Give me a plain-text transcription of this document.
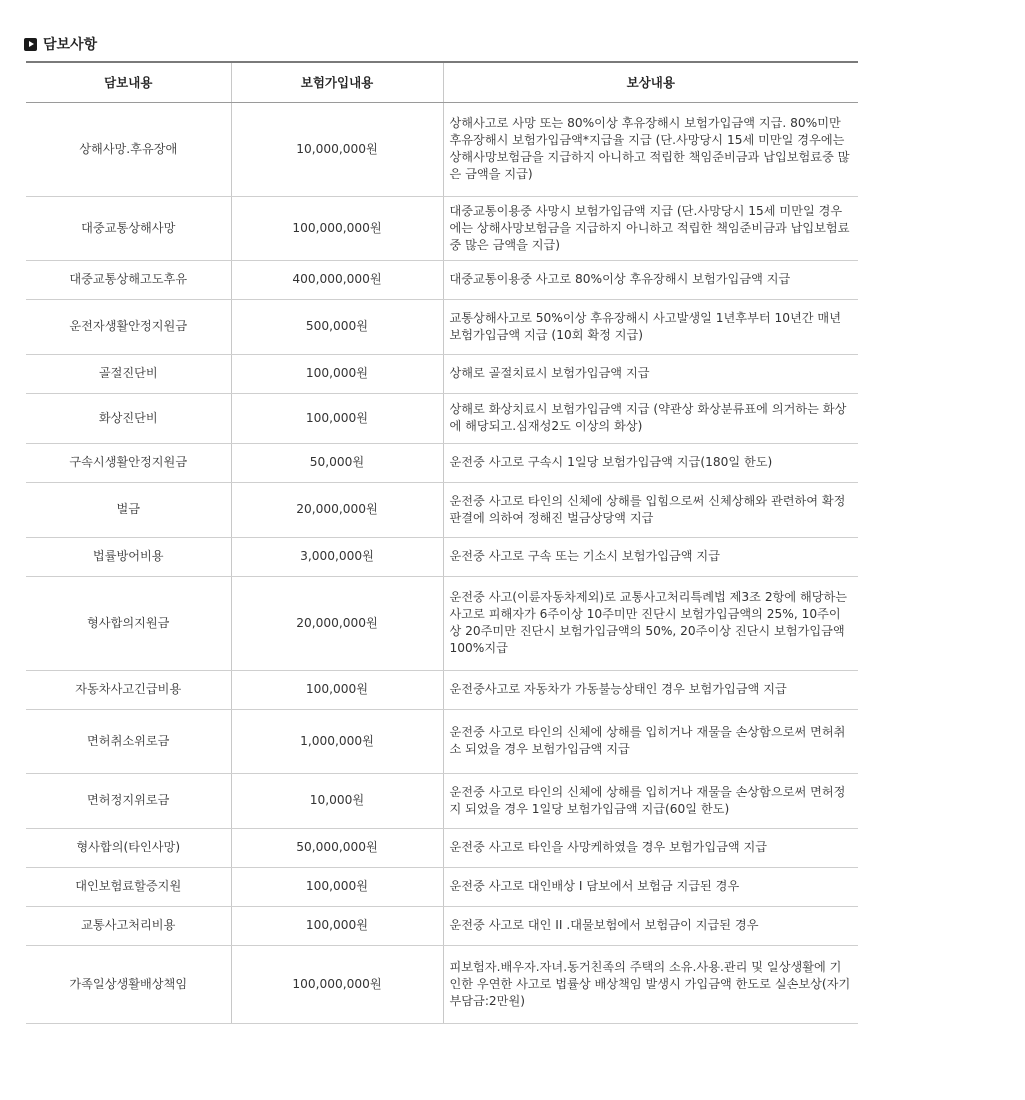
담보사항
담보내용	보험가입내용	보상내용
상해사망.후유장애	10,000,000원	상해사고로 사망 또는 80%이상 후유장해시 보험가입금액 지급. 80%미만 후유장해시 보험가입금액*지급율 지급 (단.사망당시 15세 미만일 경우에는 상해사망보험금을 지급하지 아니하고 적립한 책임준비금과 납입보험료중 많은 금액을 지급)
대중교통상해사망	100,000,000원	대중교통이용중 사망시 보험가입금액 지급 (단.사망당시 15세 미만일 경우에는 상해사망보험금을 지급하지 아니하고 적립한 책임준비금과 납입보험료중 많은 금액을 지급)
대중교통상해고도후유	400,000,000원	대중교통이용중 사고로 80%이상 후유장해시 보험가입금액 지급
운전자생활안정지원금	500,000원	교통상해사고로 50%이상 후유장해시 사고발생일 1년후부터 10년간 매년 보험가입금액 지급 (10회 확정 지급)
골절진단비	100,000원	상해로 골절치료시 보험가입금액 지급
화상진단비	100,000원	상해로 화상치료시 보험가입금액 지급 (약관상 화상분류표에 의거하는 화상에 해당되고.심재성2도 이상의 화상)
구속시생활안정지원금	50,000원	운전중 사고로 구속시 1일당 보험가입금액 지급(180일 한도)
벌금	20,000,000원	운전중 사고로 타인의 신체에 상해를 입힘으로써 신체상해와 관련하여 확정판결에 의하여 정해진 벌금상당액 지급
법률방어비용	3,000,000원	운전중 사고로 구속 또는 기소시 보험가입금액 지급
형사합의지원금	20,000,000원	운전중 사고(이륜자동차제외)로 교통사고처리특례법 제3조 2항에 해당하는 사고로 피해자가 6주이상 10주미만 진단시 보험가입금액의 25%, 10주이상 20주미만 진단시 보험가입금액의 50%, 20주이상 진단시 보험가입금액 100%지급
자동차사고긴급비용	100,000원	운전중사고로 자동차가 가동불능상태인 경우 보험가입금액 지급
면허취소위로금	1,000,000원	운전중 사고로 타인의 신체에 상해를 입히거나 재물을 손상함으로써 면허취소 되었을 경우 보험가입금액 지급
면허정지위로금	10,000원	운전중 사고로 타인의 신체에 상해를 입히거나 재물을 손상함으로써 면허정지 되었을 경우 1일당 보험가입금액 지급(60일 한도)
형사합의(타인사망)	50,000,000원	운전중 사고로 타인을 사망케하였을 경우 보험가입금액 지급
대인보험료할증지원	100,000원	운전중 사고로 대인배상 I 담보에서 보험금 지급된 경우
교통사고처리비용	100,000원	운전중 사고로 대인 II .대물보험에서 보험금이 지급된 경우
가족일상생활배상책임	100,000,000원	피보험자.배우자.자녀.동거친족의 주택의 소유.사용.관리 및 일상생활에 기인한 우연한 사고로 법률상 배상책임 발생시 가입금액 한도로 실손보상(자기부담금:2만원)
